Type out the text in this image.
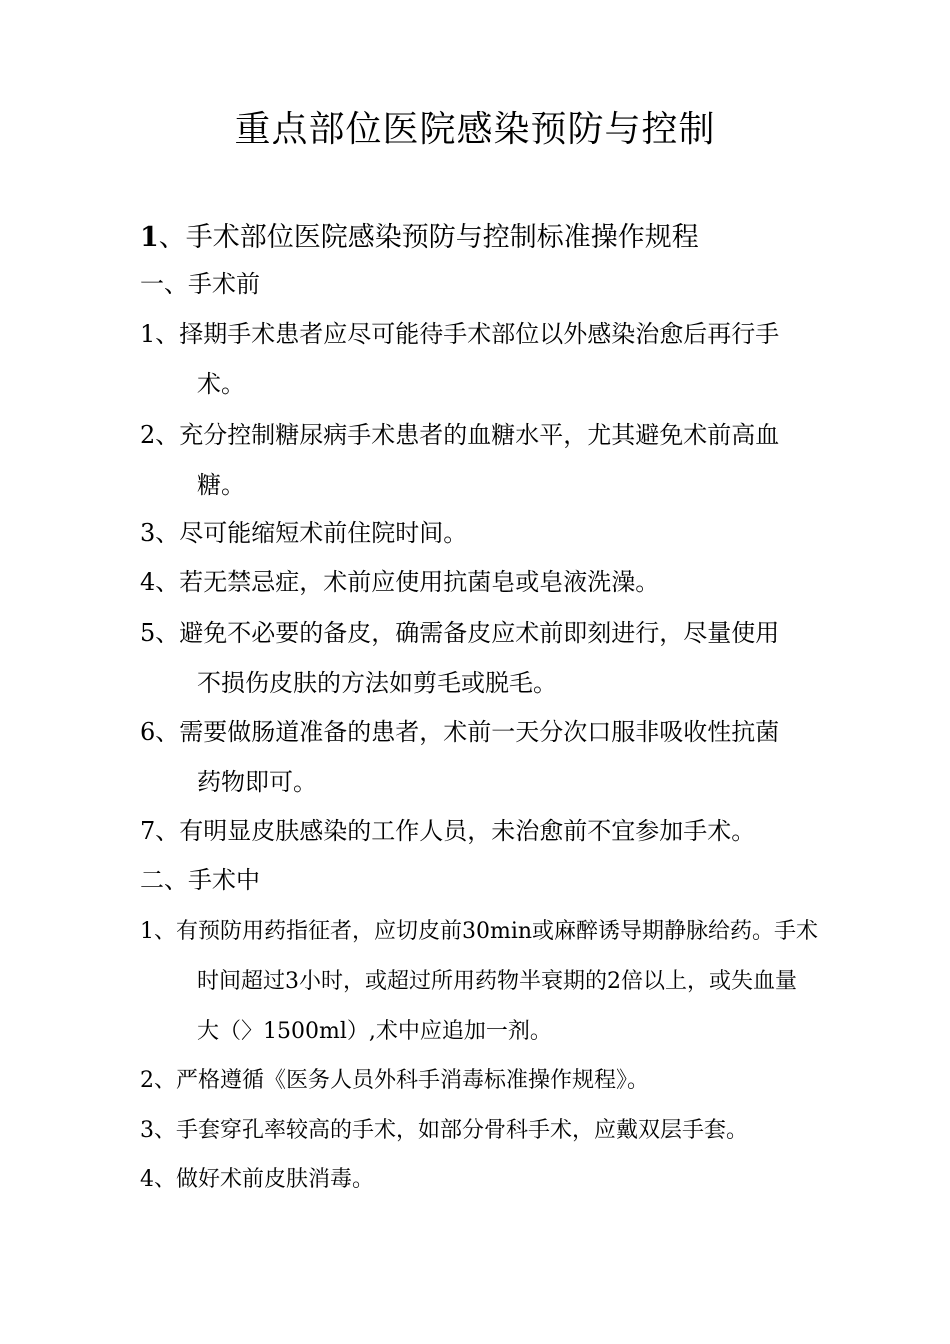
重点部位医院感染预防与控制
1、手术部位医院感染预防与控制标准操作规程
一、手术前
1、择期手术患者应尽可能待手术部位以外感染治愈后再行手
术。
2、充分控制糖尿病手术患者的血糖水平，尤其避免术前高血
糖。
3、尽可能缩短术前住院时间。
4、若无禁忌症，术前应使用抗菌皂或皂液洗澡。
5、避免不必要的备皮，确需备皮应术前即刻进行，尽量使用
不损伤皮肤的方法如剪毛或脱毛。
6、需要做肠道准备的患者，术前一天分次口服非吸收性抗菌
药物即可。
7、有明显皮肤感染的工作人员，未治愈前不宜参加手术。
二、手术中
1、有预防用药指征者，应切皮前30min或麻醉诱导期静脉给药。手术
时间超过3小时，或超过所用药物半衰期的2倍以上，或失血量
大（〉1500ml）,术中应追加一剂。
2、严格遵循《医务人员外科手消毒标准操作规程》。
3、手套穿孔率较高的手术，如部分骨科手术，应戴双层手套。
4、做好术前皮肤消毒。
